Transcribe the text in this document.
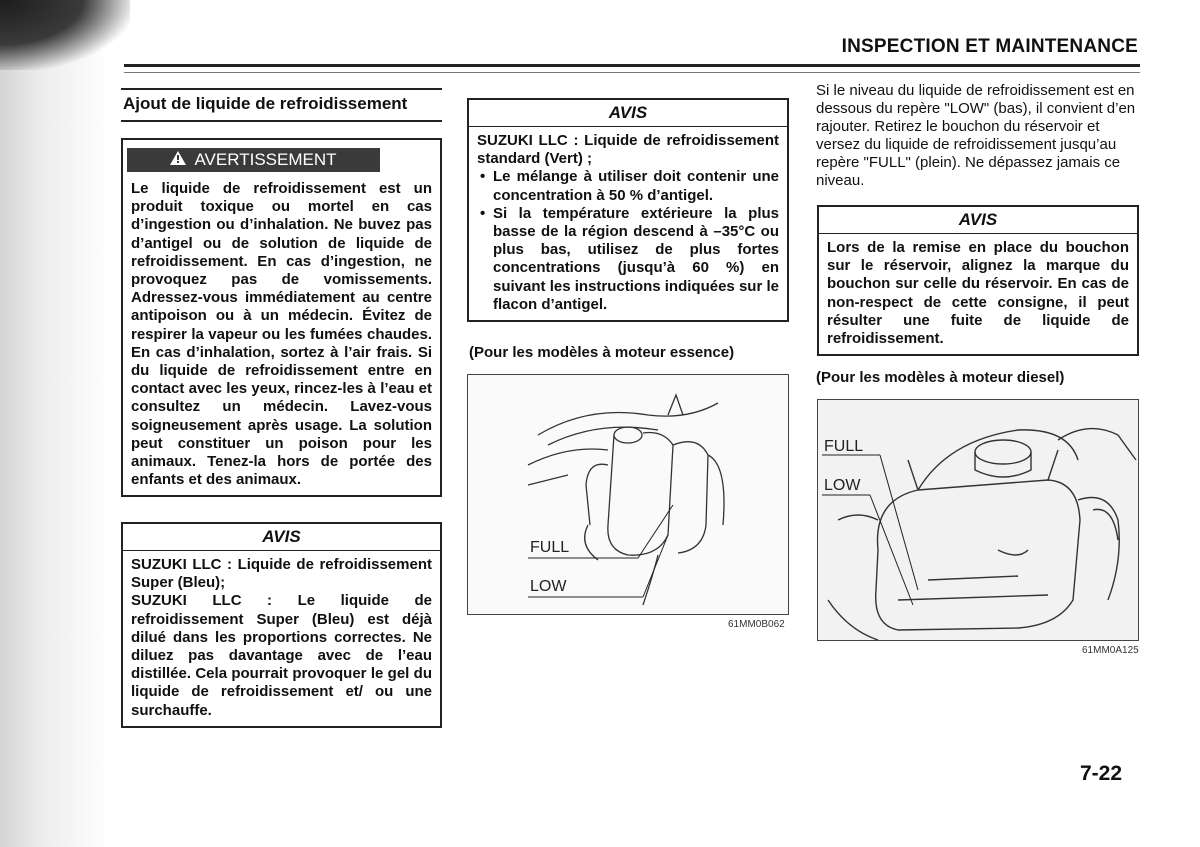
INSPECTION ET MAINTENANCE
Ajout de liquide de refroidissement
AVERTISSEMENT
Le liquide de refroidissement est un produit toxique ou mortel en cas d’ingestion ou d’inhalation. Ne buvez pas d’antigel ou de solution de liquide de refroidissement. En cas d’ingestion, ne provoquez pas de vomissements. Adressez-vous immédiatement au centre antipoison ou à un médecin. Évitez de respirer la vapeur ou les fumées chaudes. En cas d’inhalation, sortez à l’air frais. Si du liquide de refroidissement entre en contact avec les yeux, rincez-les à l’eau et consultez un médecin. Lavez-vous soigneusement après usage. La solution peut constituer un poison pour les animaux. Tenez-la hors de portée des enfants et des animaux.
AVIS
SUZUKI LLC : Liquide de refroidissement Super (Bleu);
SUZUKI LLC : Le liquide de refroidissement Super (Bleu) est déjà dilué dans les proportions correctes. Ne diluez pas davantage avec de l’eau distillée. Cela pourrait provoquer le gel du liquide de refroidissement et/ ou une surchauffe.
AVIS
SUZUKI LLC : Liquide de refroidissement standard (Vert) ;
• Le mélange à utiliser doit contenir une concentration à 50 % d’antigel.
• Si la température extérieure la plus basse de la région descend à –35°C ou plus bas, utilisez de plus fortes concentrations (jusqu’à 60 %) en suivant les instructions indiquées sur le flacon d’antigel.
(Pour les modèles à moteur essence)
FULL
LOW
61MM0B062
Si le niveau du liquide de refroidissement est en dessous du repère "LOW" (bas), il convient d’en rajouter. Retirez le bouchon du réservoir et versez du liquide de refroidissement jusqu’au repère "FULL" (plein). Ne dépassez jamais ce niveau.
AVIS
Lors de la remise en place du bouchon sur le réservoir, alignez la marque du bouchon sur celle du réservoir. En cas de non-respect de cette consigne, il peut résulter une fuite de liquide de refroidissement.
(Pour les modèles à moteur diesel)
FULL
LOW
61MM0A125
7-22
